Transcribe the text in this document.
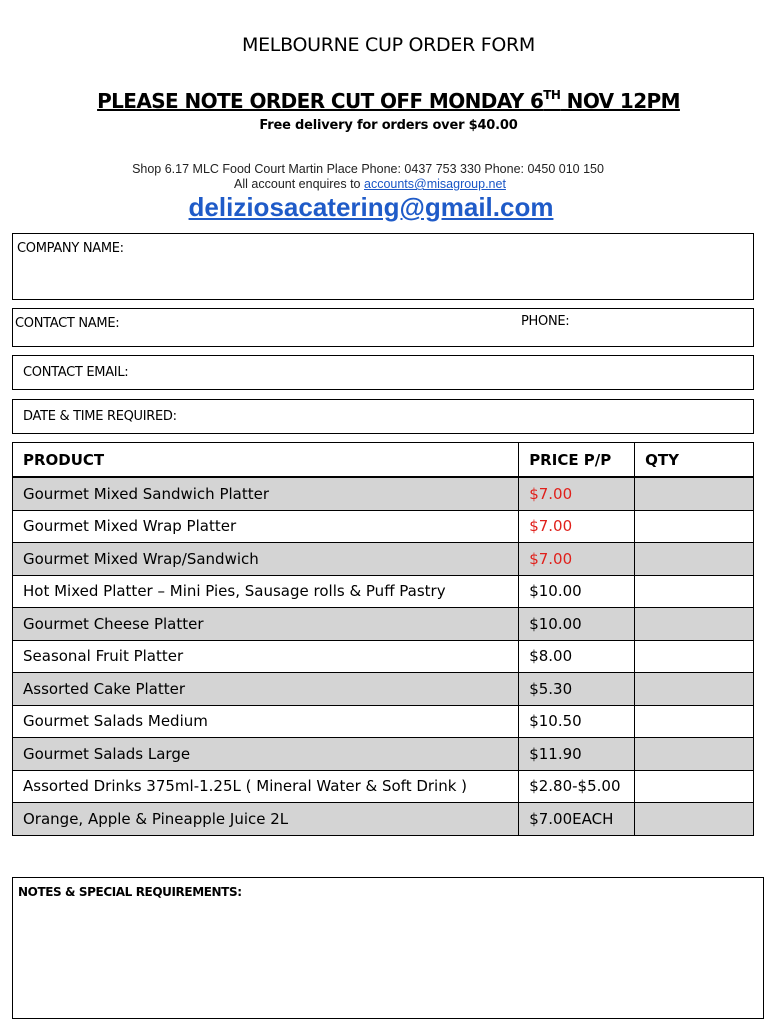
MELBOURNE CUP ORDER FORM
PLEASE NOTE ORDER CUT OFF MONDAY 6TH NOV 12PM
Free delivery for orders over $40.00
Shop 6.17 MLC Food Court Martin Place Phone: 0437 753 330 Phone: 0450 010 150
All account enquires to accounts@misagroup.net
deliziosacatering@gmail.com
COMPANY NAME:
CONTACT NAME:	PHONE:
CONTACT EMAIL:
DATE & TIME REQUIRED:
PRODUCT	PRICE P/P	QTY
Gourmet Mixed Sandwich Platter	$7.00	
Gourmet Mixed Wrap Platter	$7.00	
Gourmet Mixed Wrap/Sandwich	$7.00	
Hot Mixed Platter – Mini Pies, Sausage rolls & Puff Pastry	$10.00	
Gourmet Cheese Platter	$10.00	
Seasonal Fruit Platter	$8.00	
Assorted Cake Platter	$5.30	
Gourmet Salads Medium	$10.50	
Gourmet Salads Large	$11.90	
Assorted Drinks 375ml-1.25L ( Mineral Water & Soft Drink )	$2.80-$5.00	
Orange, Apple & Pineapple Juice 2L	$7.00EACH	
NOTES & SPECIAL REQUIREMENTS:
